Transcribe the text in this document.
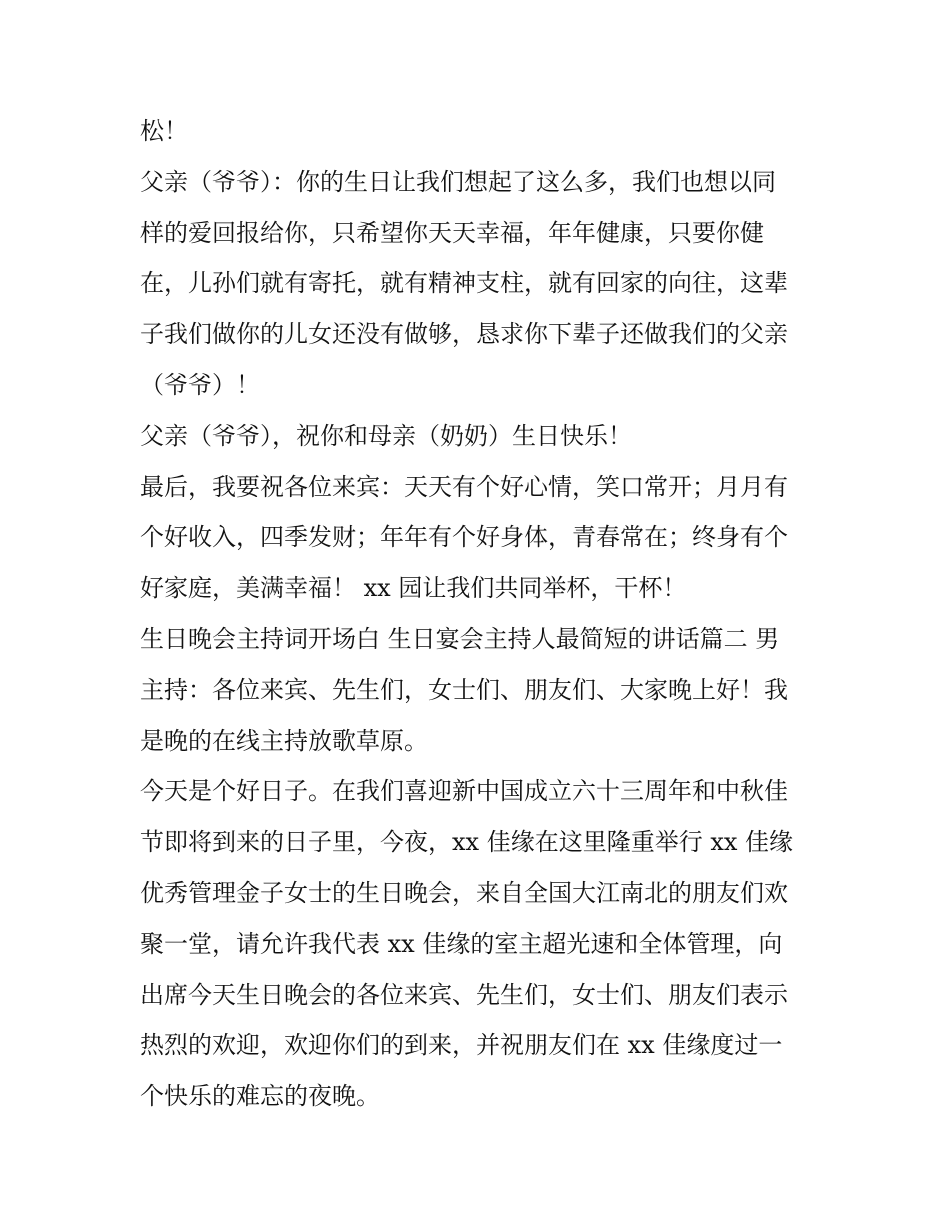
松！
父亲（爷爷）：你的生日让我们想起了这么多，我们也想以同
样的爱回报给你，只希望你天天幸福，年年健康，只要你健
在，儿孙们就有寄托，就有精神支柱，就有回家的向往，这辈
子我们做你的儿女还没有做够，恳求你下辈子还做我们的父亲
（爷爷）！
父亲（爷爷），祝你和母亲（奶奶）生日快乐！
最后，我要祝各位来宾：天天有个好心情，笑口常开；月月有
个好收入，四季发财；年年有个好身体，青春常在；终身有个
好家庭，美满幸福！ xx 园让我们共同举杯，干杯！
生日晚会主持词开场白 生日宴会主持人最简短的讲话篇二 男
主持：各位来宾、先生们，女士们、朋友们、大家晚上好！我
是晚的在线主持放歌草原。
今天是个好日子。在我们喜迎新中国成立六十三周年和中秋佳
节即将到来的日子里，今夜，xx 佳缘在这里隆重举行 xx 佳缘
优秀管理金子女士的生日晚会，来自全国大江南北的朋友们欢
聚一堂，请允许我代表 xx 佳缘的室主超光速和全体管理，向
出席今天生日晚会的各位来宾、先生们，女士们、朋友们表示
热烈的欢迎，欢迎你们的到来，并祝朋友们在 xx 佳缘度过一
个快乐的难忘的夜晚。
